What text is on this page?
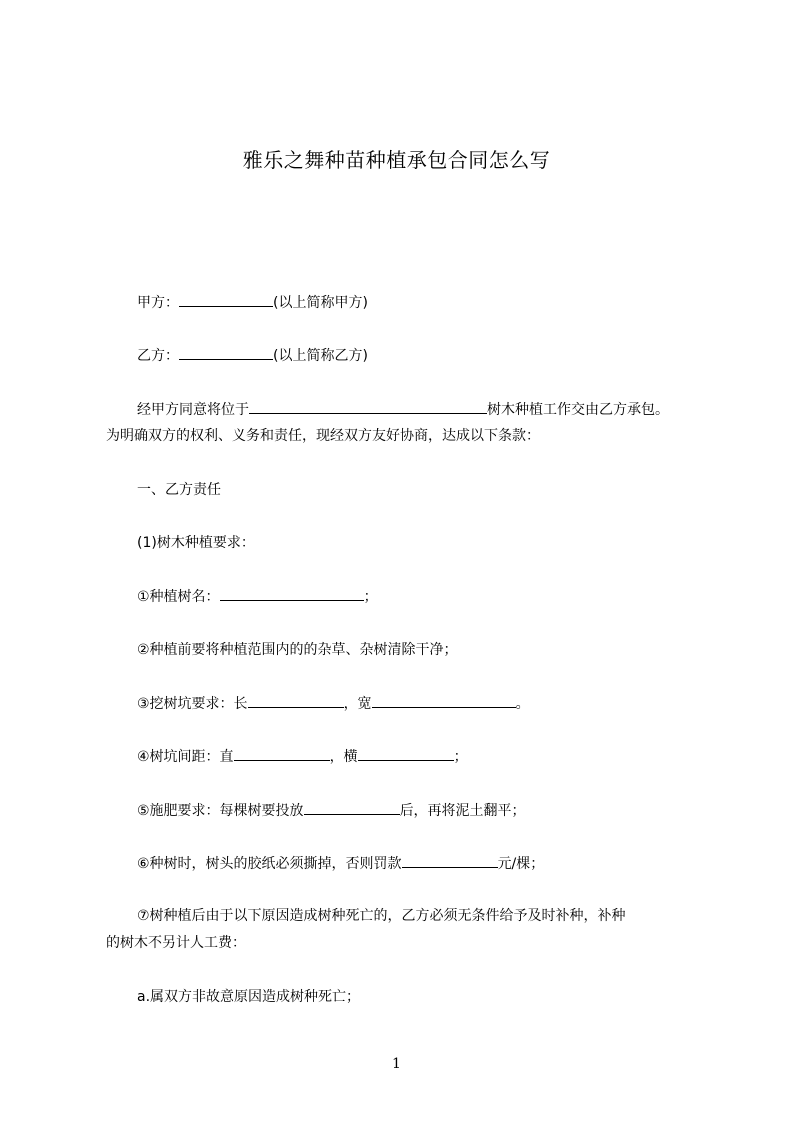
雅乐之舞种苗种植承包合同怎么写
甲方：	(以上简称甲方)
乙方：	(以上简称乙方)
经甲方同意将位于	树木种植工作交由乙方承包。
为明确双方的权利、义务和责任，现经双方友好协商，达成以下条款：
一、乙方责任
(1)树木种植要求：
①种植树名：	；
②种植前要将种植范围内的的杂草、杂树清除干净；
③挖树坑要求：长	，宽	。
④树坑间距：直	，横	；
⑤施肥要求：每棵树要投放	后，再将泥土翻平；
⑥种树时，树头的胶纸必须撕掉，否则罚款	元/棵；
⑦树种植后由于以下原因造成树种死亡的，乙方必须无条件给予及时补种，补种
的树木不另计人工费：
a.属双方非故意原因造成树种死亡；
1
